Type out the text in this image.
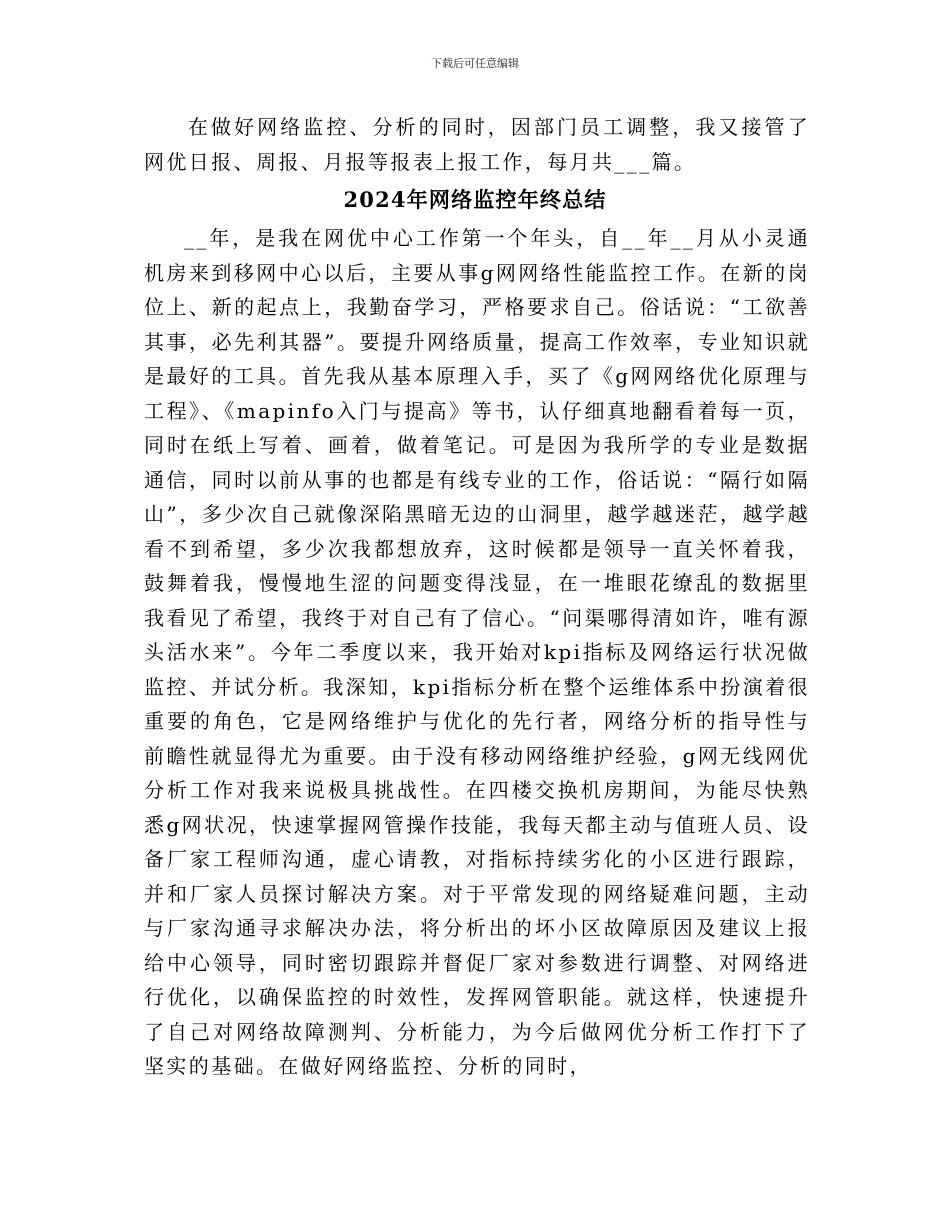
下载后可任意编辑

在做好网络监控、分析的同时，因部门员工调整，我又接管了网优日报、周报、月报等报表上报工作，每月共___篇。

2024年网络监控年终总结

__年，是我在网优中心工作第一个年头，自__年__月从小灵通机房来到移网中心以后，主要从事g网网络性能监控工作。在新的岗位上、新的起点上，我勤奋学习，严格要求自己。俗话说：“工欲善其事，必先利其器”。要提升网络质量，提高工作效率，专业知识就是最好的工具。首先我从基本原理入手，买了《g网网络优化原理与工程》、《mapinfo入门与提高》等书，认仔细真地翻看着每一页，同时在纸上写着、画着，做着笔记。可是因为我所学的专业是数据通信，同时以前从事的也都是有线专业的工作，俗话说：“隔行如隔山”，多少次自己就像深陷黑暗无边的山洞里，越学越迷茫，越学越看不到希望，多少次我都想放弃，这时候都是领导一直关怀着我，鼓舞着我，慢慢地生涩的问题变得浅显，在一堆眼花缭乱的数据里我看见了希望，我终于对自己有了信心。“问渠哪得清如许，唯有源头活水来”。今年二季度以来，我开始对kpi指标及网络运行状况做监控、并试分析。我深知，kpi指标分析在整个运维体系中扮演着很重要的角色，它是网络维护与优化的先行者，网络分析的指导性与前瞻性就显得尤为重要。由于没有移动网络维护经验，g网无线网优分析工作对我来说极具挑战性。在四楼交换机房期间，为能尽快熟悉g网状况，快速掌握网管操作技能，我每天都主动与值班人员、设备厂家工程师沟通，虚心请教，对指标持续劣化的小区进行跟踪，并和厂家人员探讨解决方案。对于平常发现的网络疑难问题，主动与厂家沟通寻求解决办法，将分析出的坏小区故障原因及建议上报给中心领导，同时密切跟踪并督促厂家对参数进行调整、对网络进行优化，以确保监控的时效性，发挥网管职能。就这样，快速提升了自己对网络故障测判、分析能力，为今后做网优分析工作打下了坚实的基础。在做好网络监控、分析的同时，
